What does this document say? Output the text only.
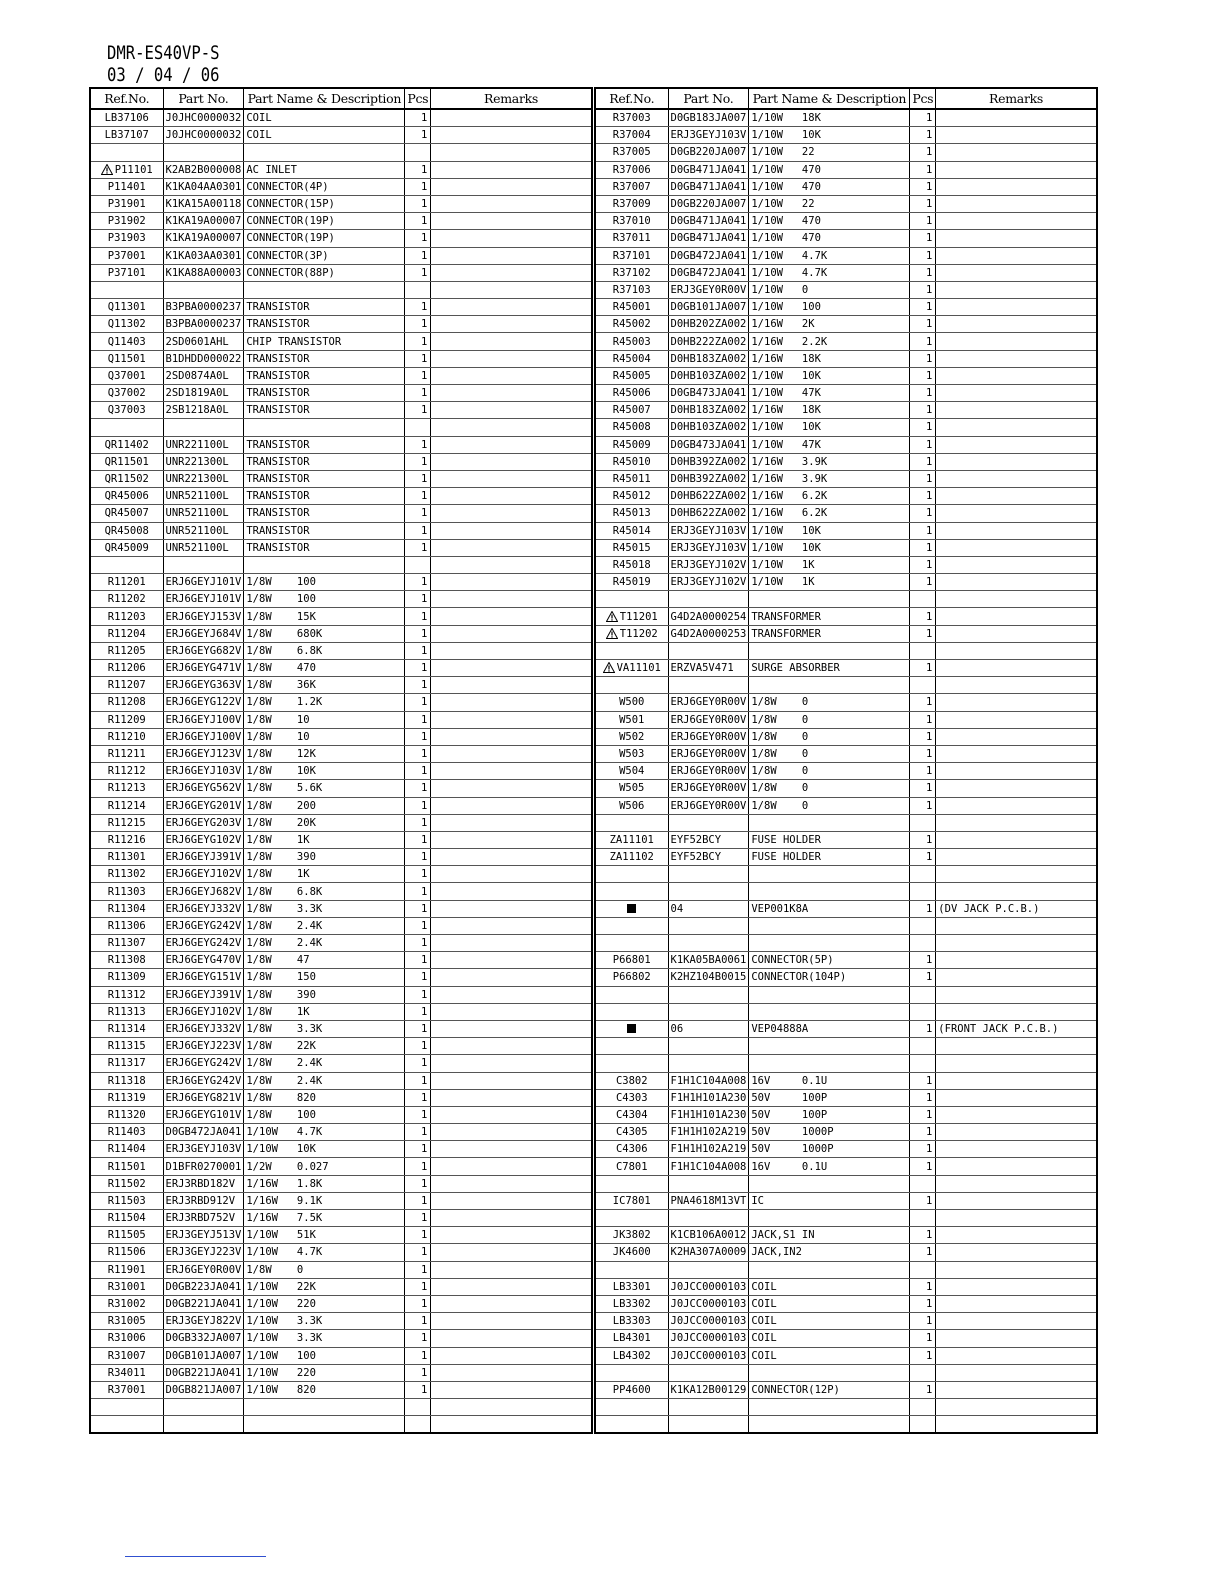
DMR-ES40VP-S
03 / 04 / 06
Ref.No.	Part No.	Part Name & Description	Pcs	Remarks
LB37106	J0JHC0000032	COIL	1	
LB37107	J0JHC0000032	COIL	1	

P11101	K2AB2B000008	AC INLET	1	
P11401	K1KA04AA0301	CONNECTOR(4P)	1	
P31901	K1KA15A00118	CONNECTOR(15P)	1	
P31902	K1KA19A00007	CONNECTOR(19P)	1	
P31903	K1KA19A00007	CONNECTOR(19P)	1	
P37001	K1KA03AA0301	CONNECTOR(3P)	1	
P37101	K1KA88A00003	CONNECTOR(88P)	1	

Q11301	B3PBA0000237	TRANSISTOR	1	
Q11302	B3PBA0000237	TRANSISTOR	1	
Q11403	2SD0601AHL	CHIP TRANSISTOR	1	
Q11501	B1DHDD000022	TRANSISTOR	1	
Q37001	2SD0874A0L	TRANSISTOR	1	
Q37002	2SD1819A0L	TRANSISTOR	1	
Q37003	2SB1218A0L	TRANSISTOR	1	

QR11402	UNR221100L	TRANSISTOR	1	
QR11501	UNR221300L	TRANSISTOR	1	
QR11502	UNR221300L	TRANSISTOR	1	
QR45006	UNR521100L	TRANSISTOR	1	
QR45007	UNR521100L	TRANSISTOR	1	
QR45008	UNR521100L	TRANSISTOR	1	
QR45009	UNR521100L	TRANSISTOR	1	

R11201	ERJ6GEYJ101V	1/8W    100	1	
R11202	ERJ6GEYJ101V	1/8W    100	1	
R11203	ERJ6GEYJ153V	1/8W    15K	1	
R11204	ERJ6GEYJ684V	1/8W    680K	1	
R11205	ERJ6GEYG682V	1/8W    6.8K	1	
R11206	ERJ6GEYG471V	1/8W    470	1	
R11207	ERJ6GEYG363V	1/8W    36K	1	
R11208	ERJ6GEYG122V	1/8W    1.2K	1	
R11209	ERJ6GEYJ100V	1/8W    10	1	
R11210	ERJ6GEYJ100V	1/8W    10	1	
R11211	ERJ6GEYJ123V	1/8W    12K	1	
R11212	ERJ6GEYJ103V	1/8W    10K	1	
R11213	ERJ6GEYG562V	1/8W    5.6K	1	
R11214	ERJ6GEYG201V	1/8W    200	1	
R11215	ERJ6GEYG203V	1/8W    20K	1	
R11216	ERJ6GEYG102V	1/8W    1K	1	
R11301	ERJ6GEYJ391V	1/8W    390	1	
R11302	ERJ6GEYJ102V	1/8W    1K	1	
R11303	ERJ6GEYJ682V	1/8W    6.8K	1	
R11304	ERJ6GEYJ332V	1/8W    3.3K	1	
R11306	ERJ6GEYG242V	1/8W    2.4K	1	
R11307	ERJ6GEYG242V	1/8W    2.4K	1	
R11308	ERJ6GEYG470V	1/8W    47	1	
R11309	ERJ6GEYG151V	1/8W    150	1	
R11312	ERJ6GEYJ391V	1/8W    390	1	
R11313	ERJ6GEYJ102V	1/8W    1K	1	
R11314	ERJ6GEYJ332V	1/8W    3.3K	1	
R11315	ERJ6GEYJ223V	1/8W    22K	1	
R11317	ERJ6GEYG242V	1/8W    2.4K	1	
R11318	ERJ6GEYG242V	1/8W    2.4K	1	
R11319	ERJ6GEYG821V	1/8W    820	1	
R11320	ERJ6GEYG101V	1/8W    100	1	
R11403	D0GB472JA041	1/10W   4.7K	1	
R11404	ERJ3GEYJ103V	1/10W   10K	1	
R11501	D1BFR0270001	1/2W    0.027	1	
R11502	ERJ3RBD182V	1/16W   1.8K	1	
R11503	ERJ3RBD912V	1/16W   9.1K	1	
R11504	ERJ3RBD752V	1/16W   7.5K	1	
R11505	ERJ3GEYJ513V	1/10W   51K	1	
R11506	ERJ3GEYJ223V	1/10W   4.7K	1	
R11901	ERJ6GEY0R00V	1/8W    0	1	
R31001	D0GB223JA041	1/10W   22K	1	
R31002	D0GB221JA041	1/10W   220	1	
R31005	ERJ3GEYJ822V	1/10W   3.3K	1	
R31006	D0GB332JA007	1/10W   3.3K	1	
R31007	D0GB101JA007	1/10W   100	1	
R34011	D0GB221JA041	1/10W   220	1	
R37001	D0GB821JA007	1/10W   820	1	

Ref.No.	Part No.	Part Name & Description	Pcs	Remarks
R37003	D0GB183JA007	1/10W   18K	1	
R37004	ERJ3GEYJ103V	1/10W   10K	1	
R37005	D0GB220JA007	1/10W   22	1	
R37006	D0GB471JA041	1/10W   470	1	
R37007	D0GB471JA041	1/10W   470	1	
R37009	D0GB220JA007	1/10W   22	1	
R37010	D0GB471JA041	1/10W   470	1	
R37011	D0GB471JA041	1/10W   470	1	
R37101	D0GB472JA041	1/10W   4.7K	1	
R37102	D0GB472JA041	1/10W   4.7K	1	
R37103	ERJ3GEY0R00V	1/10W   0	1	
R45001	D0GB101JA007	1/10W   100	1	
R45002	D0HB202ZA002	1/16W   2K	1	
R45003	D0HB222ZA002	1/16W   2.2K	1	
R45004	D0HB183ZA002	1/16W   18K	1	
R45005	D0HB103ZA002	1/10W   10K	1	
R45006	D0GB473JA041	1/10W   47K	1	
R45007	D0HB183ZA002	1/16W   18K	1	
R45008	D0HB103ZA002	1/10W   10K	1	
R45009	D0GB473JA041	1/10W   47K	1	
R45010	D0HB392ZA002	1/16W   3.9K	1	
R45011	D0HB392ZA002	1/16W   3.9K	1	
R45012	D0HB622ZA002	1/16W   6.2K	1	
R45013	D0HB622ZA002	1/16W   6.2K	1	
R45014	ERJ3GEYJ103V	1/10W   10K	1	
R45015	ERJ3GEYJ103V	1/10W   10K	1	
R45018	ERJ3GEYJ102V	1/10W   1K	1	
R45019	ERJ3GEYJ102V	1/10W   1K	1	

T11201	G4D2A0000254	TRANSFORMER	1	
T11202	G4D2A0000253	TRANSFORMER	1	

VA11101	ERZVA5V471	SURGE ABSORBER	1	

W500	ERJ6GEY0R00V	1/8W    0	1	
W501	ERJ6GEY0R00V	1/8W    0	1	
W502	ERJ6GEY0R00V	1/8W    0	1	
W503	ERJ6GEY0R00V	1/8W    0	1	
W504	ERJ6GEY0R00V	1/8W    0	1	
W505	ERJ6GEY0R00V	1/8W    0	1	
W506	ERJ6GEY0R00V	1/8W    0	1	

ZA11101	EYF52BCY	FUSE HOLDER	1	
ZA11102	EYF52BCY	FUSE HOLDER	1	

	04	VEP001K8A	1	(DV JACK P.C.B.)

P66801	K1KA05BA0061	CONNECTOR(5P)	1	
P66802	K2HZ104B0015	CONNECTOR(104P)	1	

	06	VEP04888A	1	(FRONT JACK P.C.B.)

C3802	F1H1C104A008	16V     0.1U	1	
C4303	F1H1H101A230	50V     100P	1	
C4304	F1H1H101A230	50V     100P	1	
C4305	F1H1H102A219	50V     1000P	1	
C4306	F1H1H102A219	50V     1000P	1	
C7801	F1H1C104A008	16V     0.1U	1	

IC7801	PNA4618M13VT	IC	1	

JK3802	K1CB106A0012	JACK,S1 IN	1	
JK4600	K2HA307A0009	JACK,IN2	1	

LB3301	J0JCC0000103	COIL	1	
LB3302	J0JCC0000103	COIL	1	
LB3303	J0JCC0000103	COIL	1	
LB4301	J0JCC0000103	COIL	1	
LB4302	J0JCC0000103	COIL	1	

PP4600	K1KA12B00129	CONNECTOR(12P)	1	
